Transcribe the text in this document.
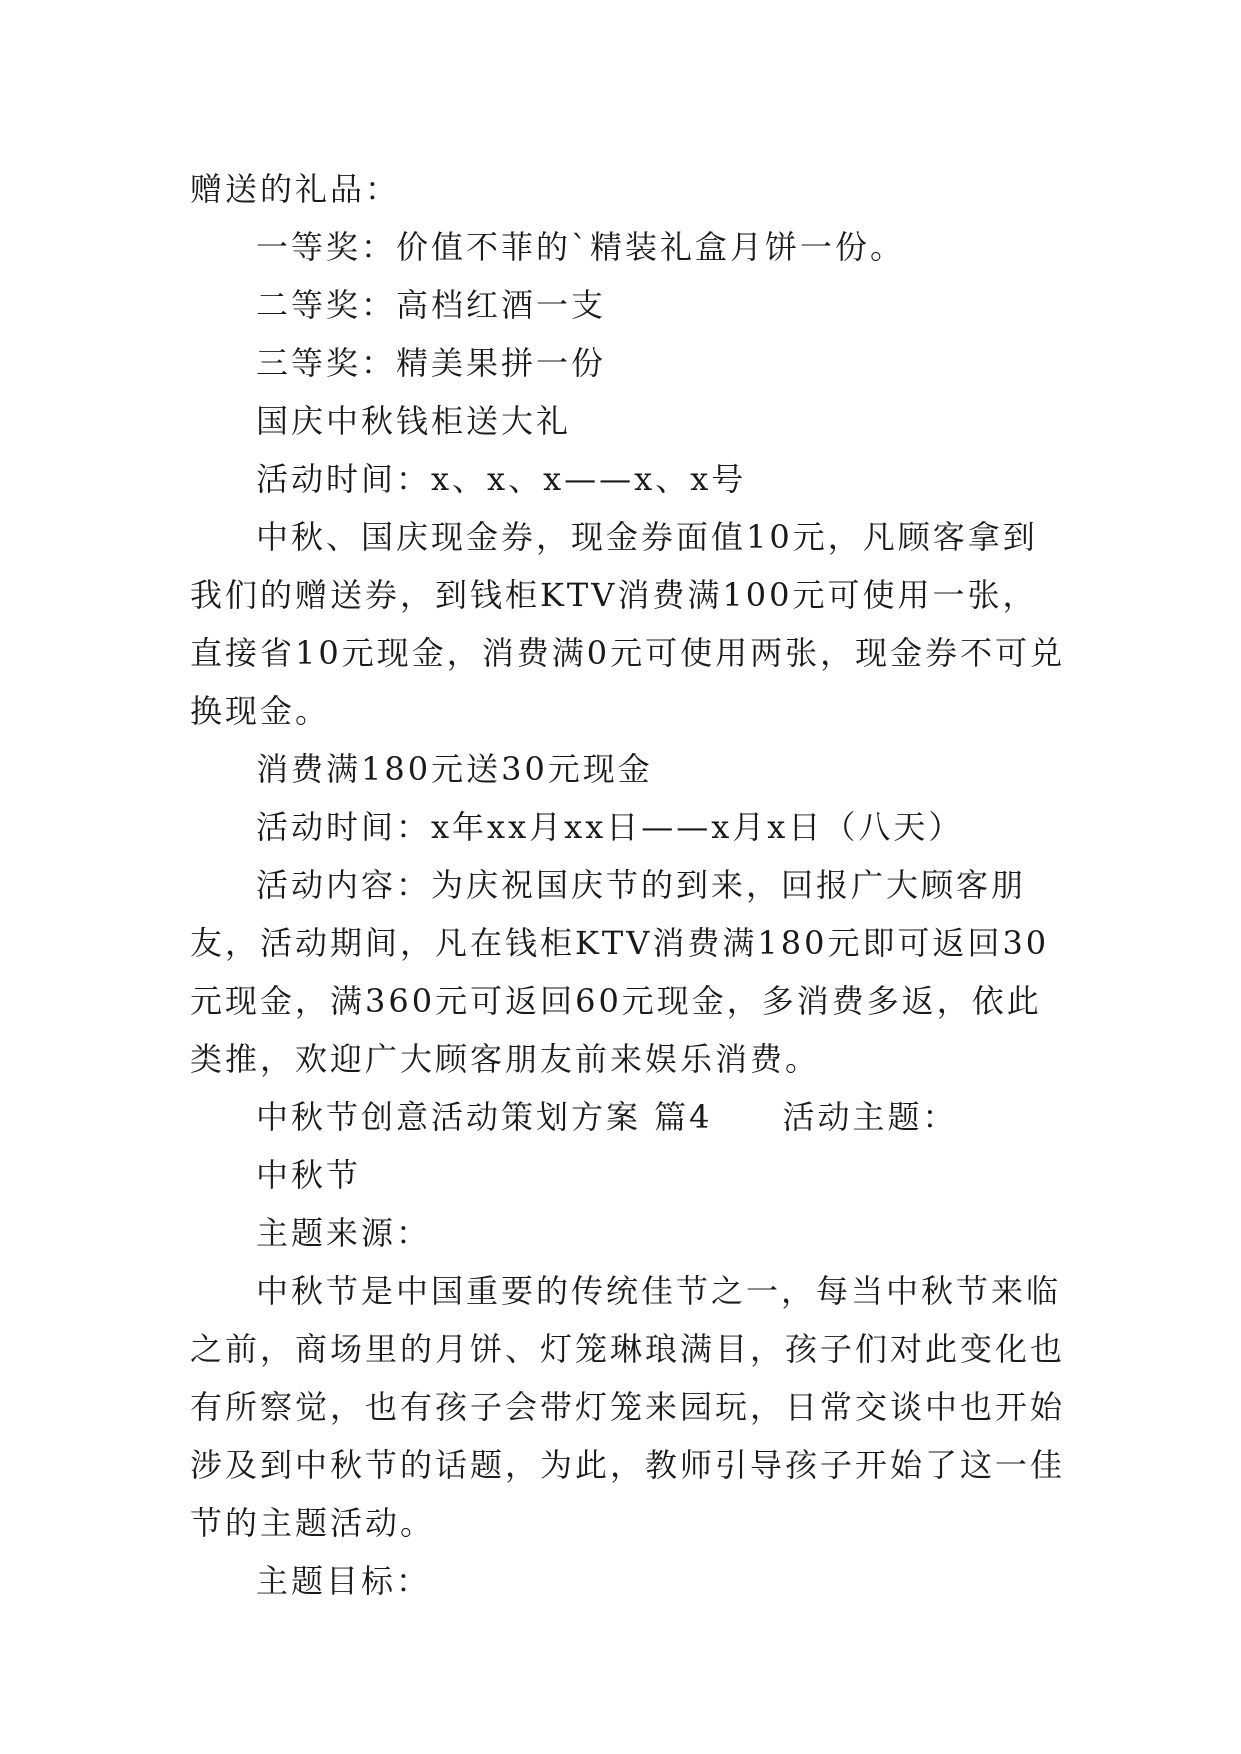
赠送的礼品：

一等奖：价值不菲的`精装礼盒月饼一份。

二等奖：高档红酒一支

三等奖：精美果拼一份

国庆中秋钱柜送大礼

活动时间：x、x、x——x、x号

中秋、国庆现金券，现金券面值10元，凡顾客拿到我们的赠送券，到钱柜KTV消费满100元可使用一张，直接省10元现金，消费满0元可使用两张，现金券不可兑换现金。

消费满180元送30元现金

活动时间：x年xx月xx日——x月x日（八天）

活动内容：为庆祝国庆节的到来，回报广大顾客朋友，活动期间，凡在钱柜KTV消费满180元即可返回30元现金，满360元可返回60元现金，多消费多返，依此类推，欢迎广大顾客朋友前来娱乐消费。

中秋节创意活动策划方案 篇4 活动主题：

中秋节

主题来源：

中秋节是中国重要的传统佳节之一，每当中秋节来临之前，商场里的月饼、灯笼琳琅满目，孩子们对此变化也有所察觉，也有孩子会带灯笼来园玩，日常交谈中也开始涉及到中秋节的话题，为此，教师引导孩子开始了这一佳节的主题活动。

主题目标：
